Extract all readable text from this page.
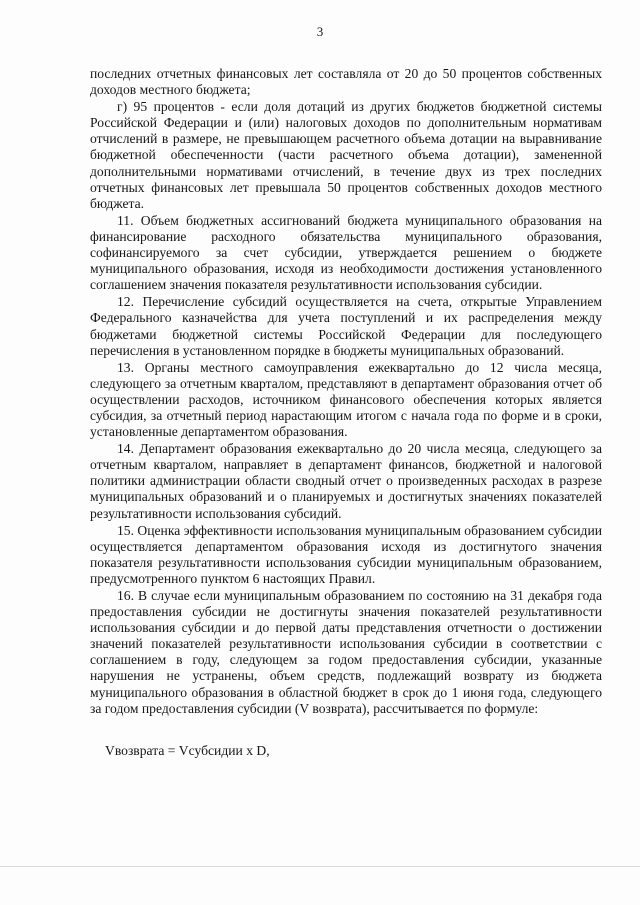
3

последних отчетных финансовых лет составляла от 20 до 50 процентов собственных доходов местного бюджета;

г) 95 процентов - если доля дотаций из других бюджетов бюджетной системы Российской Федерации и (или) налоговых доходов по дополнительным нормативам отчислений в размере, не превышающем расчетного объема дотации на выравнивание бюджетной обеспеченности (части расчетного объема дотации), замененной дополнительными нормативами отчислений, в течение двух из трех последних отчетных финансовых лет превышала 50 процентов собственных доходов местного бюджета.

11. Объем бюджетных ассигнований бюджета муниципального образования на финансирование расходного обязательства муниципального образования, софинансируемого за счет субсидии, утверждается решением о бюджете муниципального образования, исходя из необходимости достижения установленного соглашением значения показателя результативности использования субсидии.

12. Перечисление субсидий осуществляется на счета, открытые Управлением Федерального казначейства для учета поступлений и их распределения между бюджетами бюджетной системы Российской Федерации для последующего перечисления в установленном порядке в бюджеты муниципальных образований.

13. Органы местного самоуправления ежеквартально до 12 числа месяца, следующего за отчетным кварталом, представляют в департамент образования отчет об осуществлении расходов, источником финансового обеспечения которых является субсидия, за отчетный период нарастающим итогом с начала года по форме и в сроки, установленные департаментом образования.

14. Департамент образования ежеквартально до 20 числа месяца, следующего за отчетным кварталом, направляет в департамент финансов, бюджетной и налоговой политики администрации области сводный отчет о произведенных расходах в разрезе муниципальных образований и о планируемых и достигнутых значениях показателей результативности использования субсидий.

15. Оценка эффективности использования муниципальным образованием субсидии осуществляется департаментом образования исходя из достигнутого значения показателя результативности использования субсидии муниципальным образованием, предусмотренного пунктом 6 настоящих Правил.

16. В случае если муниципальным образованием по состоянию на 31 декабря года предоставления субсидии не достигнуты значения показателей результативности использования субсидии и до первой даты представления отчетности о достижении значений показателей результативности использования субсидии в соответствии с соглашением в году, следующем за годом предоставления субсидии, указанные нарушения не устранены, объем средств, подлежащий возврату из бюджета муниципального образования в областной бюджет в срок до 1 июня года, следующего за годом предоставления субсидии (V возврата), рассчитывается по формуле:

Vвозврата = Vсубсидии x D,
